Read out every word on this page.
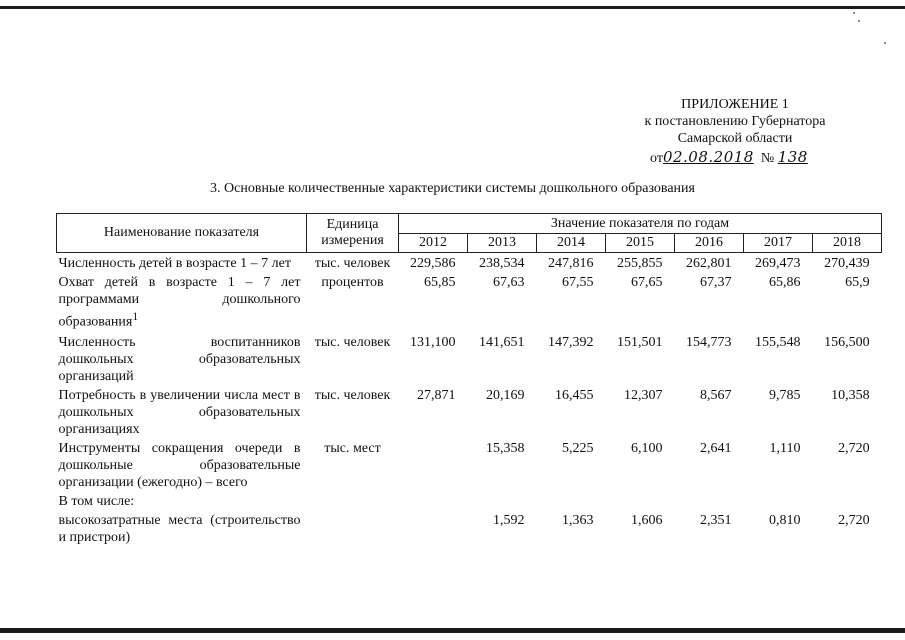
ПРИЛОЖЕНИЕ 1
к постановлению Губернатора
Самарской области
от02.08.2018 № 138
3. Основные количественные характеристики системы дошкольного образования
Наименование показателя	Единица
измерения	Значение показателя по годам						
		2012	2013	2014	2015	2016	2017	2018
Численность детей в возрасте 1 – 7 лет	тыс. человек	229,586	238,534	247,816	255,855	262,801	269,473	270,439
Охват детей в возрасте 1 – 7 лет программами дошкольного образования$^1$	процентов	65,85	67,63	67,55	67,65	67,37	65,86	65,9
Численность воспитанников дошкольных образовательных организаций	тыс. человек	131,100	141,651	147,392	151,501	154,773	155,548	156,500
Потребность в увеличении числа мест в дошкольных образовательных организациях	тыс. человек	27,871	20,169	16,455	12,307	8,567	9,785	10,358
Инструменты сокращения очереди в дошкольные образовательные организации (ежегодно) – всего	тыс. мест		15,358	5,225	6,100	2,641	1,110	2,720
В том числе:								
высокозатратные места (строительство и пристрои)			1,592	1,363	1,606	2,351	0,810	2,720
